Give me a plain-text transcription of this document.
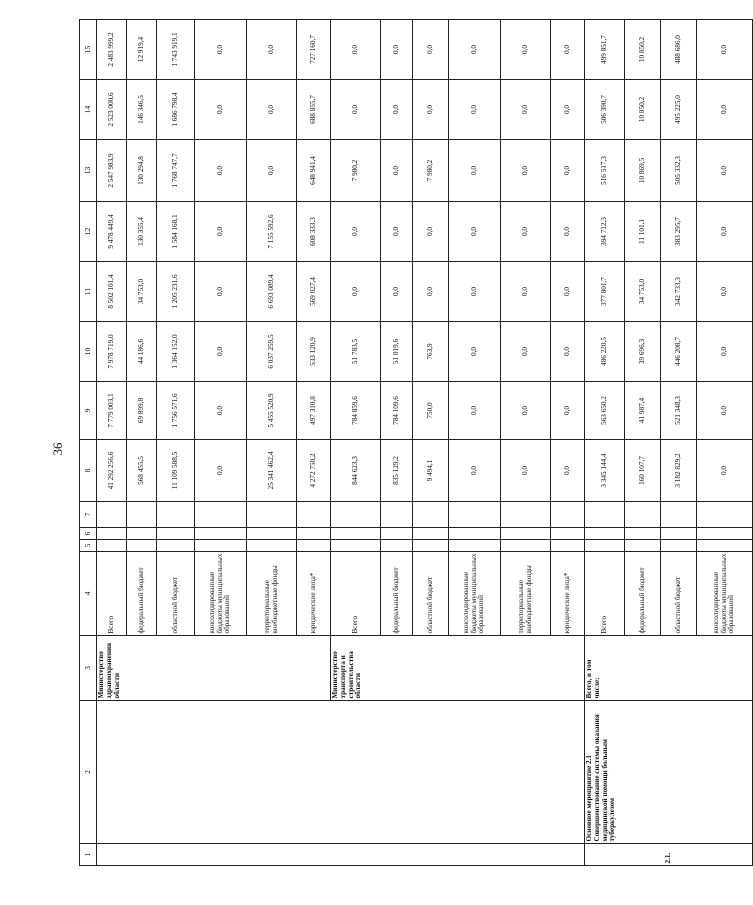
36
1	2	3	4	5	6	7	8	9	10	11	12	13	14	15
		Министерство здравоохранения области	Всего				41 292 256,6	7 779 003,1	7 978 719,0	8 502 101,4	9 478 449,4	2 547 983,9	2 523 000,6	2 483 999,2
			федеральный бюджет				568 455,5	69 899,8	44 186,6	34 753,0	130 355,4	130 294,8	146 346,5	12 919,4
			областной бюджет				11 109 588,5	1 756 571,6	1 364 152,0	1 205 231,6	1 584 168,1	1 768 747,7	1 686 798,4	1 743 919,1
			консолидированные бюджеты муниципальных образований				0,0	0,0	0,0	0,0	0,0	0,0	0,0	0,0
			территориальные внебюджетные фонды				25 341 462,4	5 455 520,9	6 037 259,5	6 693 089,4	7 155 592,6	0,0	0,0	0,0
			юридические лица*				4 272 750,2	497 310,8	533 120,9	569 027,4	608 333,3	648 941,4	688 855,7	727 160,7
		Министерство транспорта и строительства области	Всего				844 623,3	784 859,6	51 783,5	0,0	0,0	7 980,2	0,0	0,0
			федеральный бюджет				835 129,2	784 109,6	51 019,6	0,0	0,0	0,0	0,0	0,0
			областной бюджет				9 494,1	750,0	763,9	0,0	0,0	7 980,2	0,0	0,0
			консолидированные бюджеты муниципальных образований				0,0	0,0	0,0	0,0	0,0	0,0	0,0	0,0
			территориальные внебюджетные фонды				0,0	0,0	0,0	0,0	0,0	0,0	0,0	0,0
			юридические лица*				0,0	0,0	0,0	0,0	0,0	0,0	0,0	0,0
2.1.	Основное мероприятие 2.1 Совершенствование системы оказания медицинской помощи больным туберкулезом	Всего, в том числе:	Всего				3 345 144,4	563 650,2	486 220,5	377 801,7	394 712,3	516 517,3	506 390,7	499 851,7
			федеральный бюджет				160 107,7	41 987,4	39 696,3	34 753,0	11 101,1	10 869,5	10 850,2	10 850,2
			областной бюджет				3 182 829,2	521 348,3	446 208,7	342 733,3	383 295,7	505 332,3	495 225,0	488 686,0
			консолидированные бюджеты муниципальных образований				0,0	0,0	0,0	0,0	0,0	0,0	0,0	0,0
